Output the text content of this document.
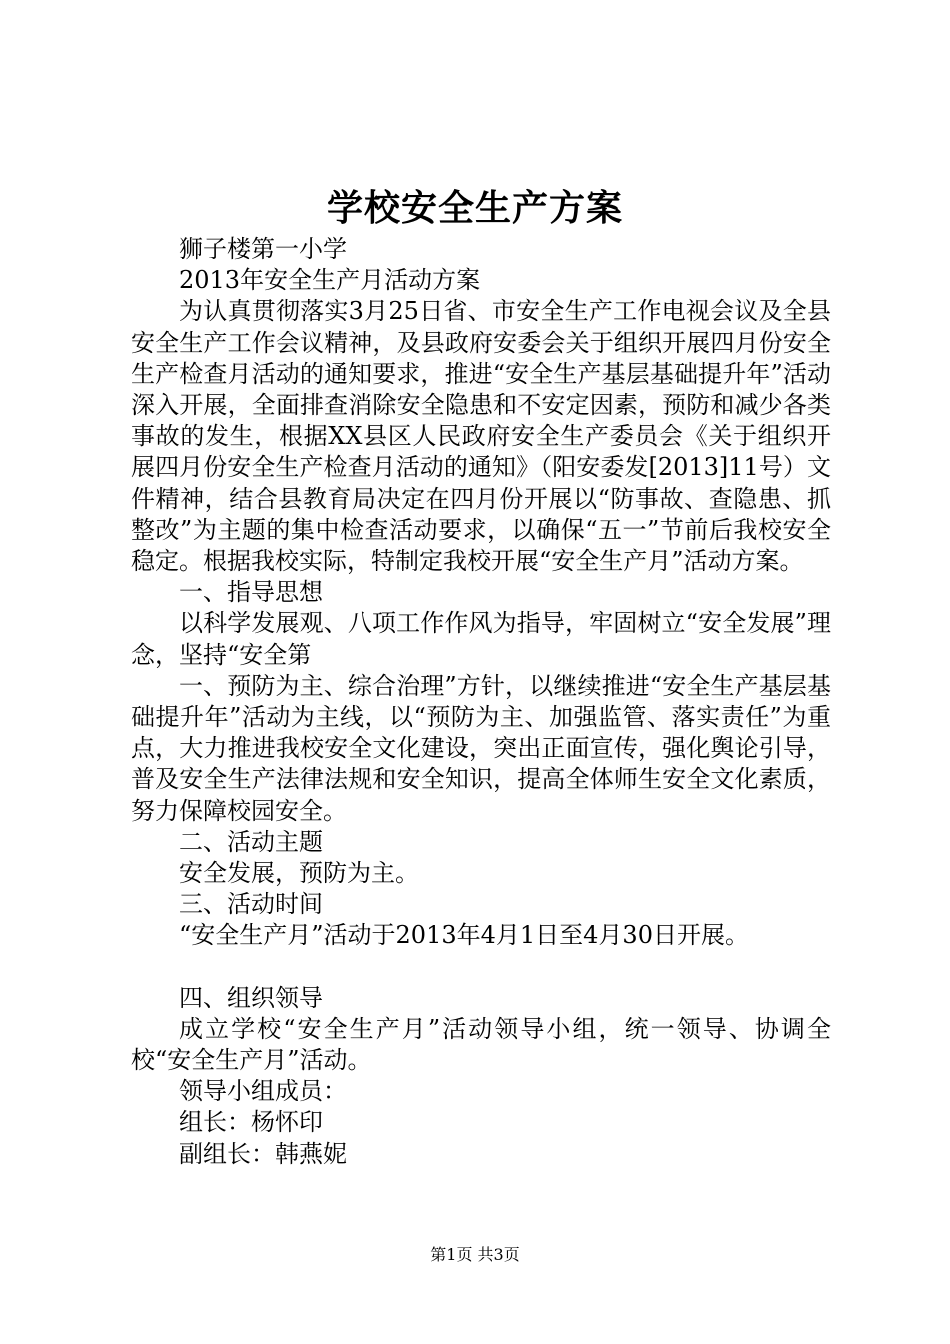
学校安全生产方案

狮子楼第一小学

2013年安全生产月活动方案

为认真贯彻落实3月25日省、市安全生产工作电视会议及全县安全生产工作会议精神，及县政府安委会关于组织开展四月份安全生产检查月活动的通知要求，推进“安全生产基层基础提升年”活动深入开展，全面排查消除安全隐患和不安定因素，预防和减少各类事故的发生，根据XX县区人民政府安全生产委员会《关于组织开展四月份安全生产检查月活动的通知》（阳安委发[2013]11号）文件精神，结合县教育局决定在四月份开展以“防事故、查隐患、抓整改”为主题的集中检查活动要求，以确保“五一”节前后我校安全稳定。根据我校实际，特制定我校开展“安全生产月”活动方案。

一、指导思想

以科学发展观、八项工作作风为指导，牢固树立“安全发展”理念，坚持“安全第

一、预防为主、综合治理”方针，以继续推进“安全生产基层基础提升年”活动为主线，以“预防为主、加强监管、落实责任”为重点，大力推进我校安全文化建设，突出正面宣传，强化舆论引导，普及安全生产法律法规和安全知识，提高全体师生安全文化素质，努力保障校园安全。

二、活动主题

安全发展，预防为主。

三、活动时间

“安全生产月”活动于2013年4月1日至4月30日开展。

四、组织领导

成立学校“安全生产月”活动领导小组，统一领导、协调全校“安全生产月”活动。

领导小组成员：

组长：杨怀印

副组长：韩燕妮

第1页 共3页
